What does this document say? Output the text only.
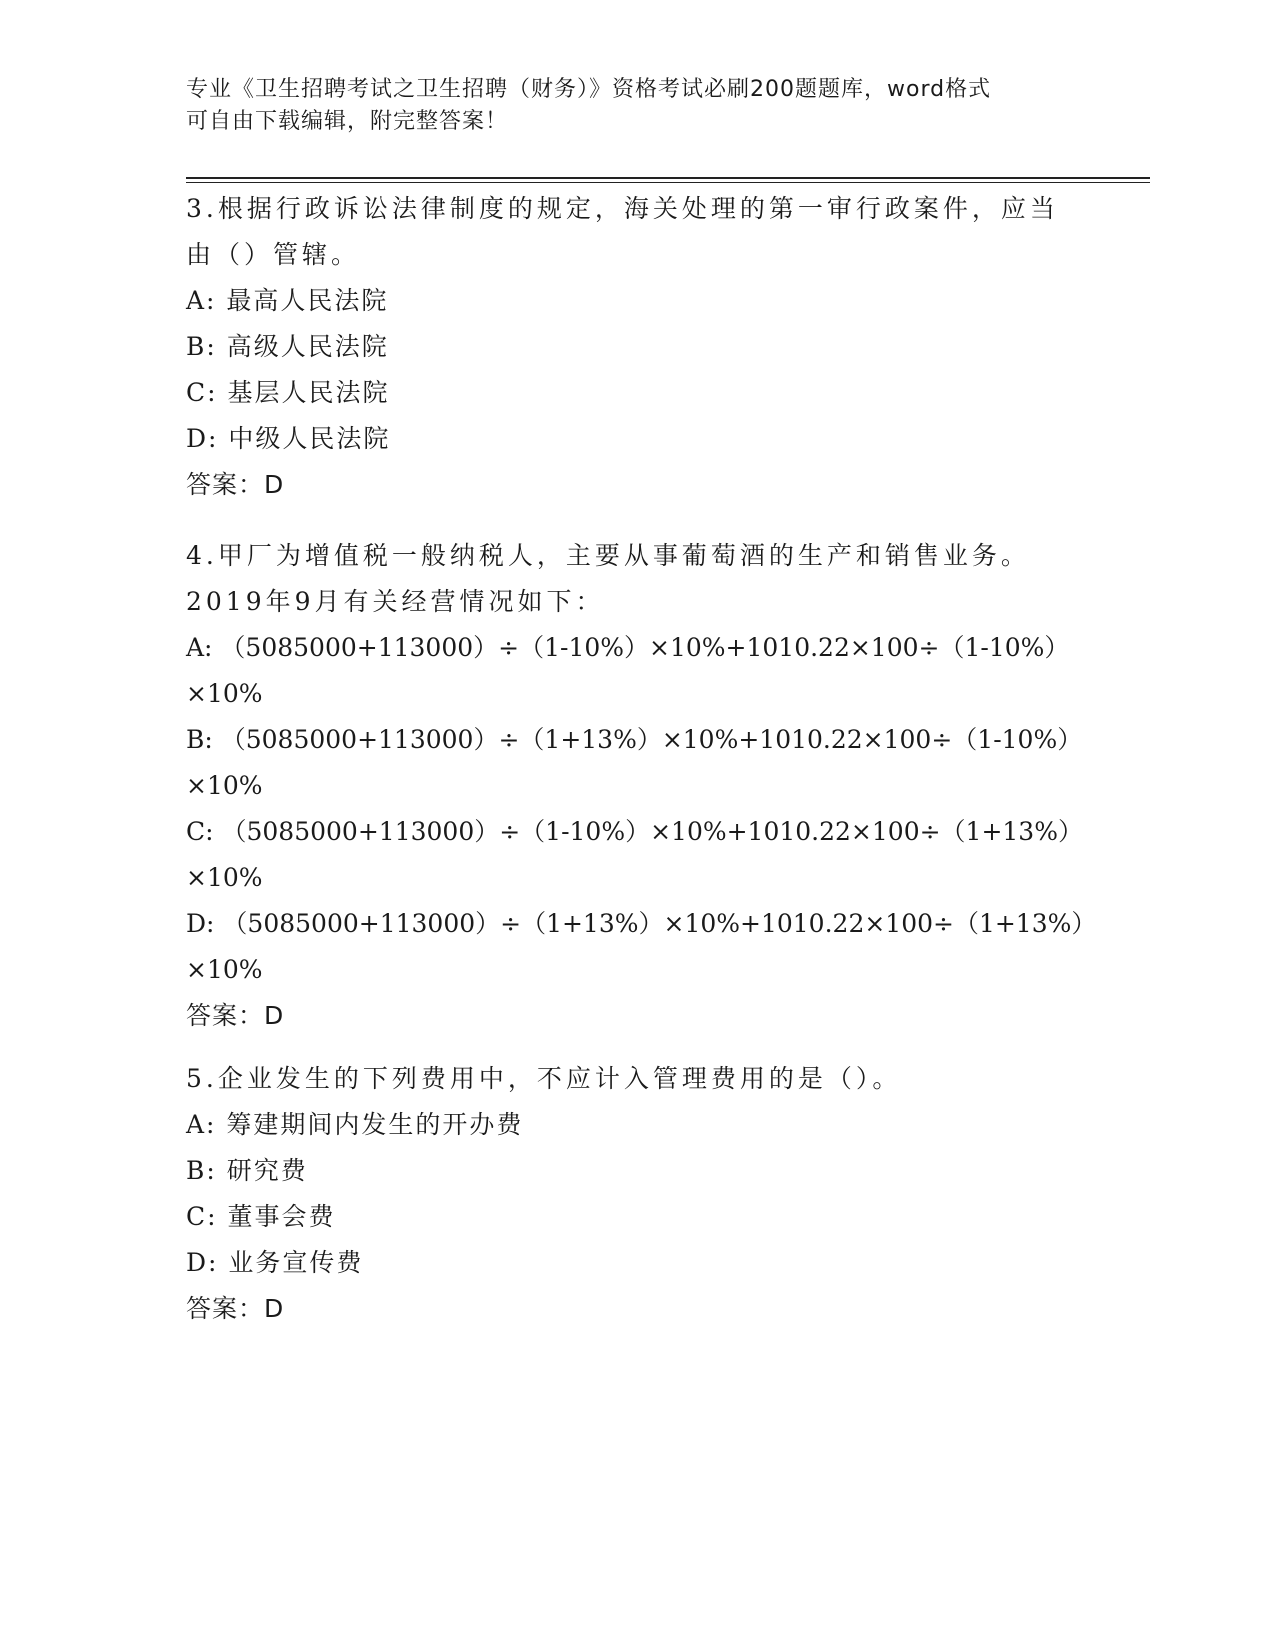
专业《卫生招聘考试之卫生招聘（财务）》资格考试必刷200题题库，word格式
可自由下载编辑，附完整答案！
3.根据行政诉讼法律制度的规定，海关处理的第一审行政案件，应当
由（）管辖。
A: 最高人民法院
B: 高级人民法院
C: 基层人民法院
D: 中级人民法院
答案：D
4.甲厂为增值税一般纳税人，主要从事葡萄酒的生产和销售业务。
2019年9月有关经营情况如下：
A: （5085000+113000）÷（1-10%）×10%+1010.22×100÷（1-10%）
×10%
B: （5085000+113000）÷（1+13%）×10%+1010.22×100÷（1-10%）
×10%
C: （5085000+113000）÷（1-10%）×10%+1010.22×100÷（1+13%）
×10%
D: （5085000+113000）÷（1+13%）×10%+1010.22×100÷（1+13%）
×10%
答案：D
5.企业发生的下列费用中，不应计入管理费用的是（）。
A: 筹建期间内发生的开办费
B: 研究费
C: 董事会费
D: 业务宣传费
答案：D
